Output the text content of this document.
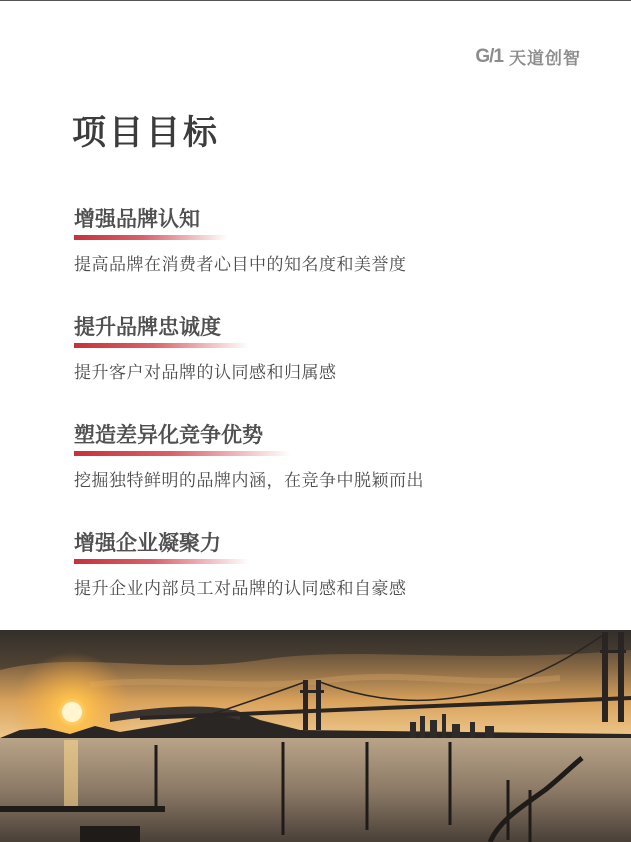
G/1 天道创智
项目目标
增强品牌认知
提高品牌在消费者心目中的知名度和美誉度
提升品牌忠诚度
提升客户对品牌的认同感和归属感
塑造差异化竞争优势
挖掘独特鲜明的品牌内涵，在竞争中脱颖而出
增强企业凝聚力
提升企业内部员工对品牌的认同感和自豪感
